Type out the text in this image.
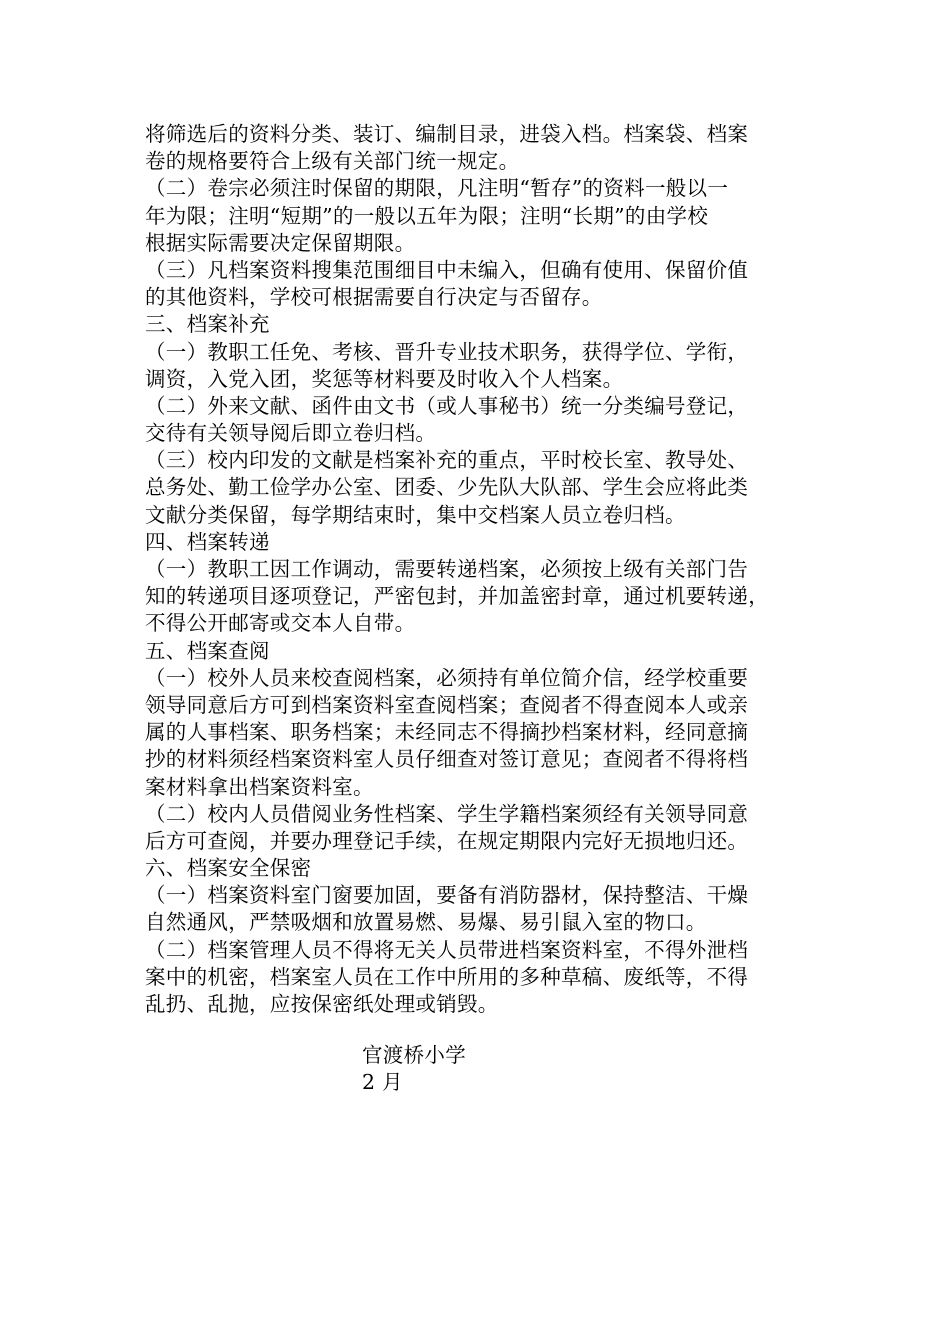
将筛选后的资料分类、装订、编制目录，进袋入档。档案袋、档案
卷的规格要符合上级有关部门统一规定。
（二）卷宗必须注时保留的期限，凡注明“暂存”的资料一般以一
年为限；注明“短期”的一般以五年为限；注明“长期”的由学校
根据实际需要决定保留期限。
（三）凡档案资料搜集范围细目中未编入，但确有使用、保留价值
的其他资料，学校可根据需要自行决定与否留存。
三、档案补充
（一）教职工任免、考核、晋升专业技术职务，获得学位、学衔，
调资，入党入团，奖惩等材料要及时收入个人档案。
（二）外来文献、函件由文书（或人事秘书）统一分类编号登记，
交待有关领导阅后即立卷归档。
（三）校内印发的文献是档案补充的重点，平时校长室、教导处、
总务处、勤工俭学办公室、团委、少先队大队部、学生会应将此类
文献分类保留，每学期结束时，集中交档案人员立卷归档。
四、档案转递
（一）教职工因工作调动，需要转递档案，必须按上级有关部门告
知的转递项目逐项登记，严密包封，并加盖密封章，通过机要转递，
不得公开邮寄或交本人自带。
五、档案查阅
（一）校外人员来校查阅档案，必须持有单位简介信，经学校重要
领导同意后方可到档案资料室查阅档案；查阅者不得查阅本人或亲
属的人事档案、职务档案；未经同志不得摘抄档案材料，经同意摘
抄的材料须经档案资料室人员仔细查对签订意见；查阅者不得将档
案材料拿出档案资料室。
（二）校内人员借阅业务性档案、学生学籍档案须经有关领导同意
后方可查阅，并要办理登记手续，在规定期限内完好无损地归还。
六、档案安全保密
（一）档案资料室门窗要加固，要备有消防器材，保持整洁、干燥
自然通风，严禁吸烟和放置易燃、易爆、易引鼠入室的物口。
（二）档案管理人员不得将无关人员带进档案资料室，不得外泄档
案中的机密，档案室人员在工作中所用的多种草稿、废纸等，不得
乱扔、乱抛，应按保密纸处理或销毁。
官渡桥小学
2 月
